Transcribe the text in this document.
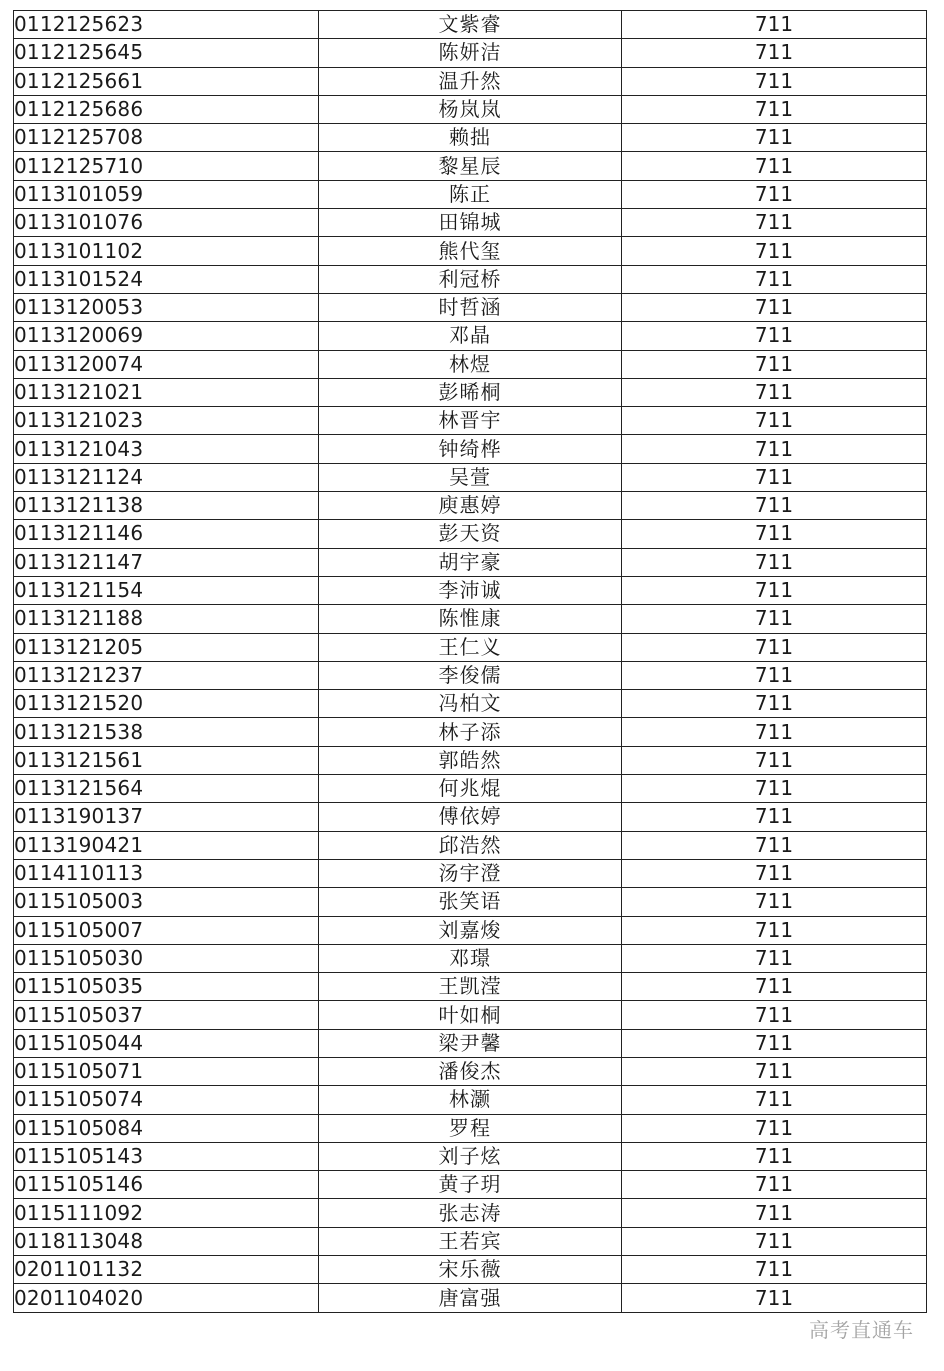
0112125623	文紫睿	711
0112125645	陈妍洁	711
0112125661	温升然	711
0112125686	杨岚岚	711
0112125708	赖拙	711
0112125710	黎星辰	711
0113101059	陈正	711
0113101076	田锦城	711
0113101102	熊代玺	711
0113101524	利冠桥	711
0113120053	时哲涵	711
0113120069	邓晶	711
0113120074	林煜	711
0113121021	彭晞桐	711
0113121023	林晋宇	711
0113121043	钟绮桦	711
0113121124	吴萱	711
0113121138	庾惠婷	711
0113121146	彭天资	711
0113121147	胡宇豪	711
0113121154	李沛诚	711
0113121188	陈惟康	711
0113121205	王仁义	711
0113121237	李俊儒	711
0113121520	冯柏文	711
0113121538	林子添	711
0113121561	郭皓然	711
0113121564	何兆焜	711
0113190137	傅依婷	711
0113190421	邱浩然	711
0114110113	汤宇澄	711
0115105003	张笑语	711
0115105007	刘嘉焌	711
0115105030	邓璟	711
0115105035	王凯滢	711
0115105037	叶如桐	711
0115105044	梁尹馨	711
0115105071	潘俊杰	711
0115105074	林灏	711
0115105084	罗程	711
0115105143	刘子炫	711
0115105146	黄子玥	711
0115111092	张志涛	711
0118113048	王若宾	711
0201101132	宋乐薇	711
0201104020	唐富强	711
高考直通车
